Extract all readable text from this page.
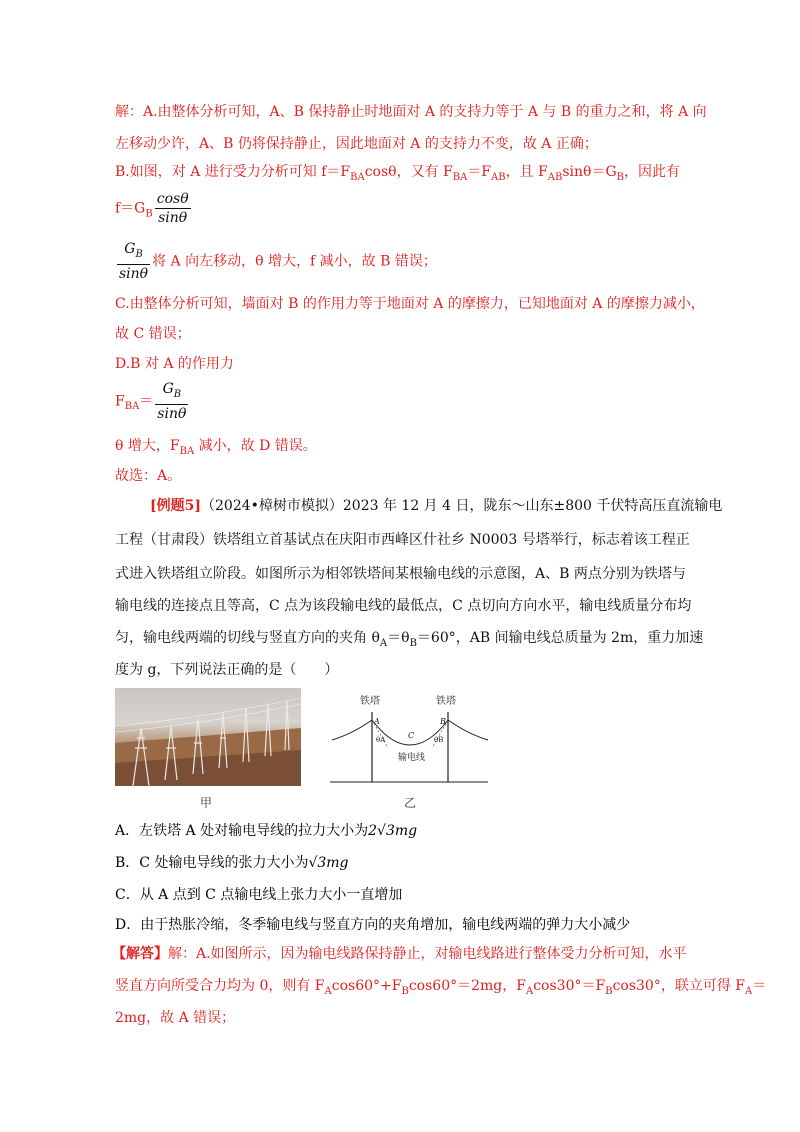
解：A.由整体分析可知，A、B 保持静止时地面对 A 的支持力等于 A 与 B 的重力之和，将 A 向
左移动少许，A、B 仍将保持静止，因此地面对 A 的支持力不变，故 A 正确；
B.如图，对 A 进行受力分析可知 $f=F_{BA}\cos\theta$，又有 $F_{BA}=F_{AB}$，且 $F_{AB}\sin\theta=G_B$，因此有
$f=G_B \frac{\cos\theta}{\sin\theta}$
$\frac{G_B}{\sin\theta}$ 将 A 向左移动，θ 增大，f 减小，故 B 错误；
C.由整体分析可知，墙面对 B 的作用力等于地面对 A 的摩擦力，已知地面对 A 的摩擦力减小，
故 C 错误；
D.B 对 A 的作用力
$F_{BA}= \frac{G_B}{\sin\theta}$
θ 增大，$F_{BA}$ 减小，故 D 错误。
故选：A。
[例题5]（2024•樟树市模拟）2023 年 12 月 4 日，陇东～山东±800 千伏特高压直流输电
工程（甘肃段）铁塔组立首基试点在庆阳市西峰区什社乡 N0003 号塔举行，标志着该工程正
式进入铁塔组立阶段。如图所示为相邻铁塔间某根输电线的示意图，A、B 两点分别为铁塔与
输电线的连接点且等高，C 点为该段输电线的最低点，C 点切向方向水平，输电线质量分布均
匀，输电线两端的切线与竖直方向的夹角 $\theta_A=\theta_B=60^\circ$，AB 间输电线总质量为 2m，重力加速
度为 g，下列说法正确的是（　　）
甲
铁塔	铁塔
A	B
C
θA	θB
输电线
乙
A．左铁塔 A 处对输电导线的拉力大小为2√3mg
B．C 处输电导线的张力大小为√3mg
C．从 A 点到 C 点输电线上张力大小一直增加
D．由于热胀冷缩，冬季输电线与竖直方向的夹角增加，输电线两端的弹力大小减少
【解答】解：A.如图所示，因为输电线路保持静止，对输电线路进行整体受力分析可知，水平
竖直方向所受合力均为 0，则有 $F_A\cos 60^\circ+F_B\cos 60^\circ=2mg$，$F_A\cos 30^\circ=F_B\cos 30^\circ$，联立可得 $F_A=$
2mg，故 A 错误；
